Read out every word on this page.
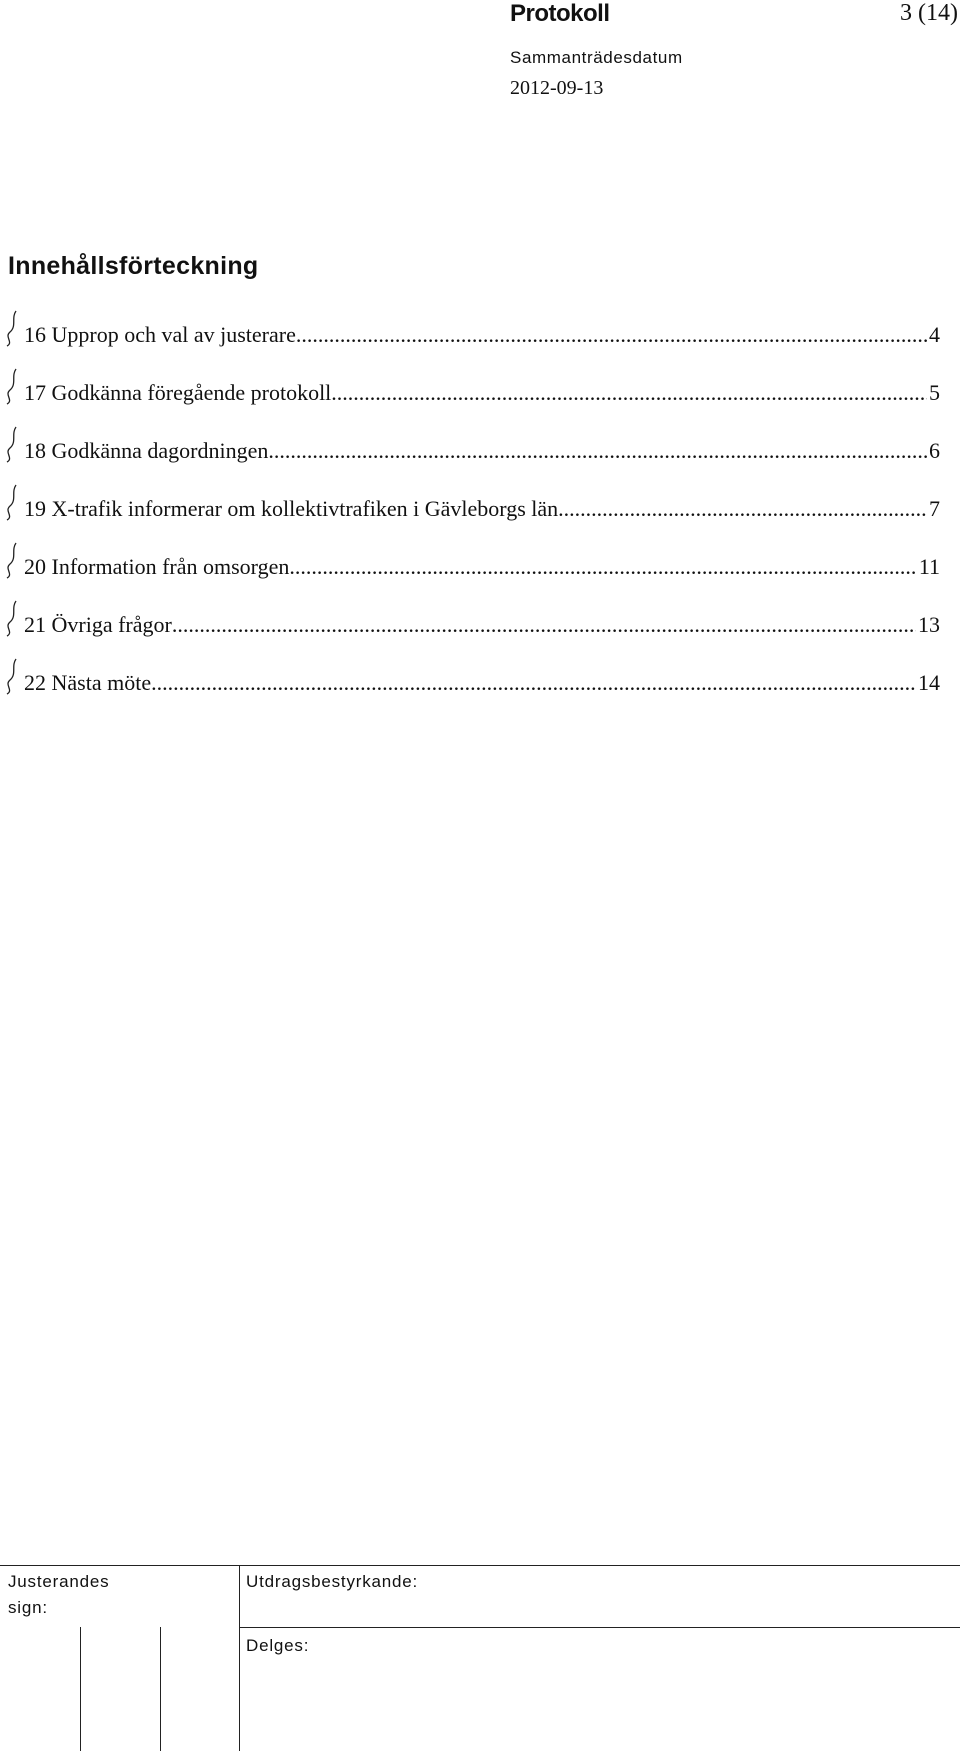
Protokoll	3 (14)
Sammanträdesdatum
2012-09-13
Innehållsförteckning
16 Upprop och val av justerare .....	4
17 Godkänna föregående protokoll .....	5
18 Godkänna dagordningen .....	6
19 X-trafik informerar om kollektivtrafiken i Gävleborgs län .....	7
20 Information från omsorgen .....	11
21 Övriga frågor .....	13
22 Nästa möte .....	14
Justerandes
sign:
Utdragsbestyrkande:
Delges:
